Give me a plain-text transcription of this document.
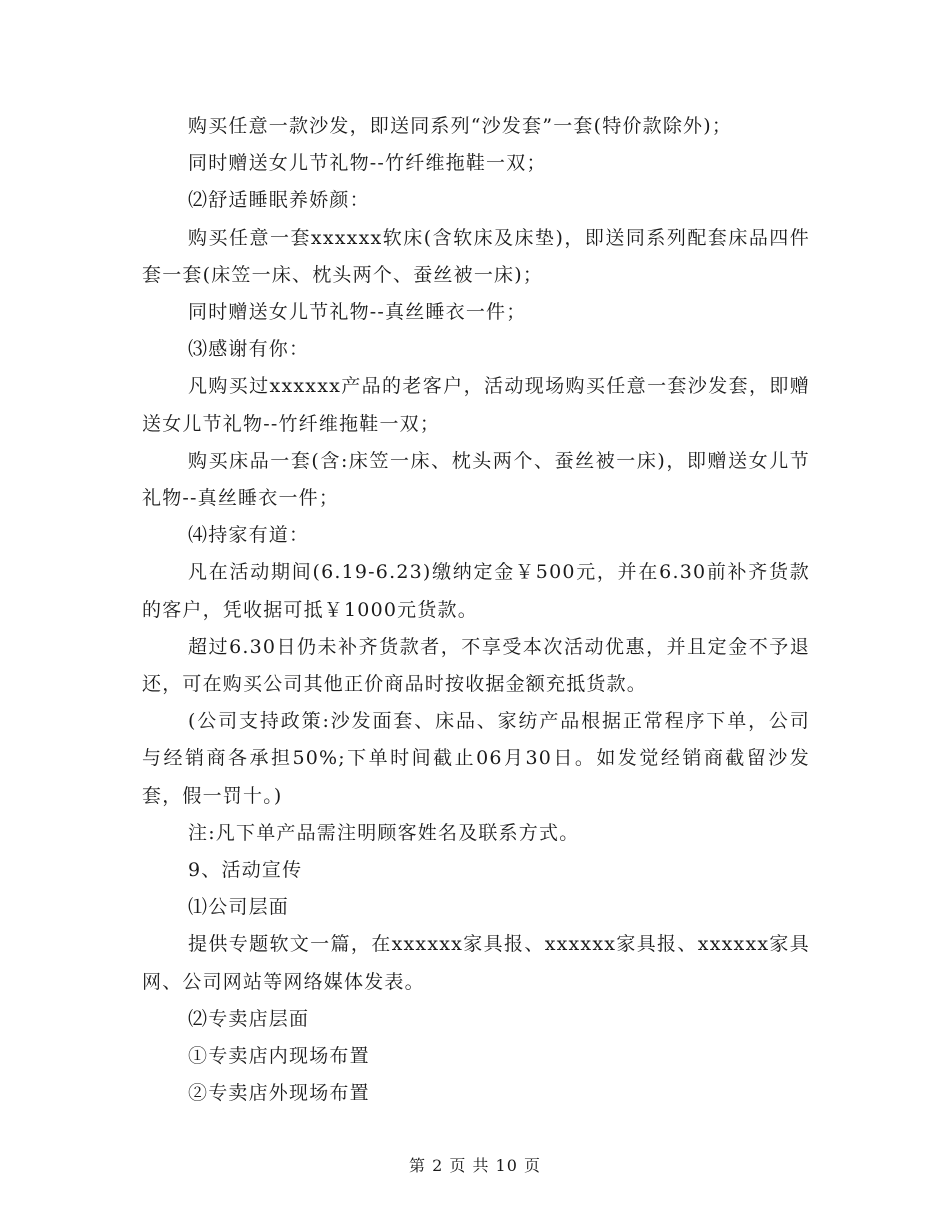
购买任意一款沙发，即送同系列“沙发套”一套(特价款除外)；

同时赠送女儿节礼物--竹纤维拖鞋一双；

⑵舒适睡眠养娇颜：

购买任意一套xxxxxx软床(含软床及床垫)，即送同系列配套床品四件套一套(床笠一床、枕头两个、蚕丝被一床)；

同时赠送女儿节礼物--真丝睡衣一件；

⑶感谢有你：

凡购买过xxxxxx产品的老客户，活动现场购买任意一套沙发套，即赠送女儿节礼物--竹纤维拖鞋一双；

购买床品一套(含:床笠一床、枕头两个、蚕丝被一床)，即赠送女儿节礼物--真丝睡衣一件；

⑷持家有道：

凡在活动期间(6.19-6.23)缴纳定金￥500元，并在6.30前补齐货款的客户，凭收据可抵￥1000元货款。

超过6.30日仍未补齐货款者，不享受本次活动优惠，并且定金不予退还，可在购买公司其他正价商品时按收据金额充抵货款。

(公司支持政策:沙发面套、床品、家纺产品根据正常程序下单，公司与经销商各承担50%;下单时间截止06月30日。如发觉经销商截留沙发套，假一罚十。)

注:凡下单产品需注明顾客姓名及联系方式。

9、活动宣传

⑴公司层面

提供专题软文一篇，在xxxxxx家具报、xxxxxx家具报、xxxxxx家具网、公司网站等网络媒体发表。

⑵专卖店层面

①专卖店内现场布置

②专卖店外现场布置

第 2 页 共 10 页
